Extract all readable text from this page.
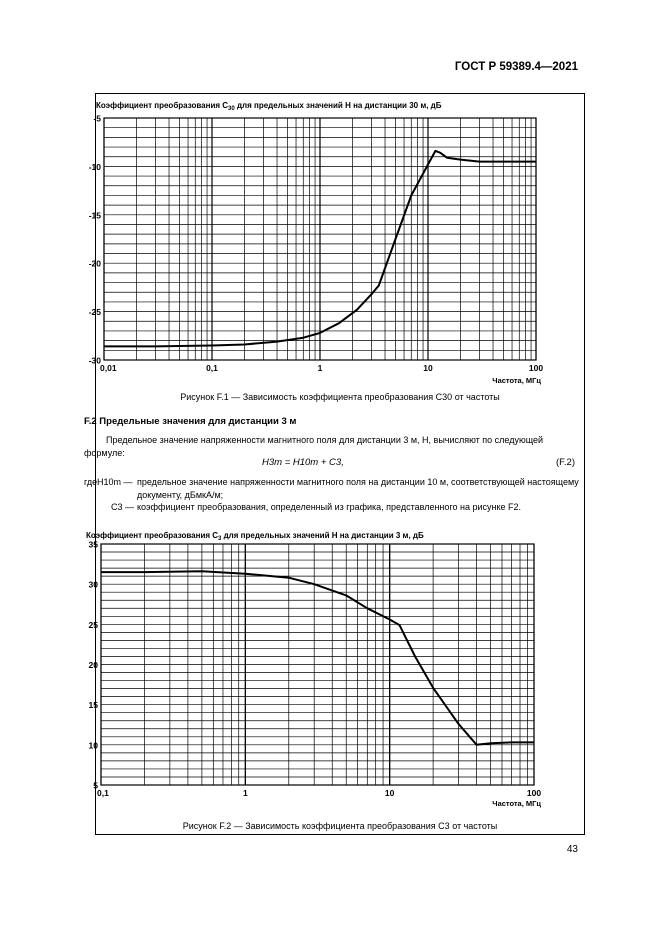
ГОСТ Р 59389.4—2021
Коэффициент преобразования $C_{30}$ для предельных значений H на дистанции 30 м, дБ
-30
-25
-20
-15
-10
-5
0,01	0,1	1	10	100
Частота, МГц
Рисунок F.1 — Зависимость коэффициента преобразования C30 от частоты
F.2 Предельные значения для дистанции 3 м
Предельное значение напряженности магнитного поля для дистанции 3 м, H, вычисляют по следующей формуле:
H3m = H10m + C3,	(F.2)
где H10m — предельное значение напряженности магнитного поля на дистанции 10 м, соответствующей настоящему документу, дБмкА/м;
C3 — коэффициент преобразования, определенный из графика, представленного на рисунке F2.
Коэффициент преобразования $C_3$ для предельных значений H на дистанции 3 м, дБ
5
10
15
20
25
30
35
0,1	1	10	100
Частота, МГц
Рисунок F.2 — Зависимость коэффициента преобразования C3 от частоты
43
